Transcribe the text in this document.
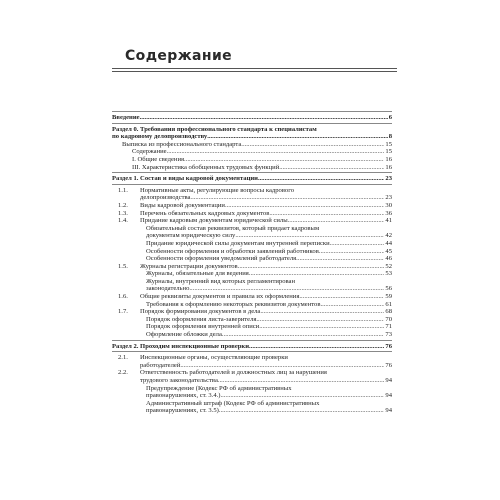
Содержание
Введение .....	6
Раздел 0. Требования профессионального стандарта к специалистам
по кадровому делопроизводству .....	8
Выписка из профессионального стандарта .....	15
Содержание .....	15
I. Общие сведения .....	16
III. Характеристика обобщенных трудовых функций .....	16
Раздел 1. Состав и виды кадровой документации .....	23
1.1. Нормативные акты, регулирующие вопросы кадрового
делопроизводства .....	23
1.2. Виды кадровой документации .....	30
1.3. Перечень обязательных кадровых документов .....	36
1.4. Придание кадровым документам юридической силы .....	41
Обязательный состав реквизитов, который придает кадровым
документам юридическую силу .....	42
Придание юридической силы документам внутренней переписки .....	44
Особенности оформления и обработки заявлений работников .....	45
Особенности оформления уведомлений работодателя .....	46
1.5. Журналы регистрации документов .....	52
Журналы, обязательные для ведения .....	53
Журналы, внутренний вид которых регламентирован
законодательно .....	56
1.6. Общие реквизиты документов и правила их оформления .....	59
Требования к оформлению некоторых реквизитов документов .....	61
1.7. Порядок формирования документов в дела .....	68
Порядок оформления листа-заверителя .....	70
Порядок оформления внутренней описи .....	71
Оформление обложки дела .....	73
Раздел 2. Проходим инспекционные проверки .....	76
2.1. Инспекционные органы, осуществляющие проверки
работодателей .....	76
2.2. Ответственность работодателей и должностных лиц за нарушения
трудового законодательства .....	94
Предупреждение (Кодекс РФ об административных
правонарушениях, ст. 3.4.) .....	94
Административный штраф (Кодекс РФ об административных
правонарушениях, ст. 3.5) .....	94
